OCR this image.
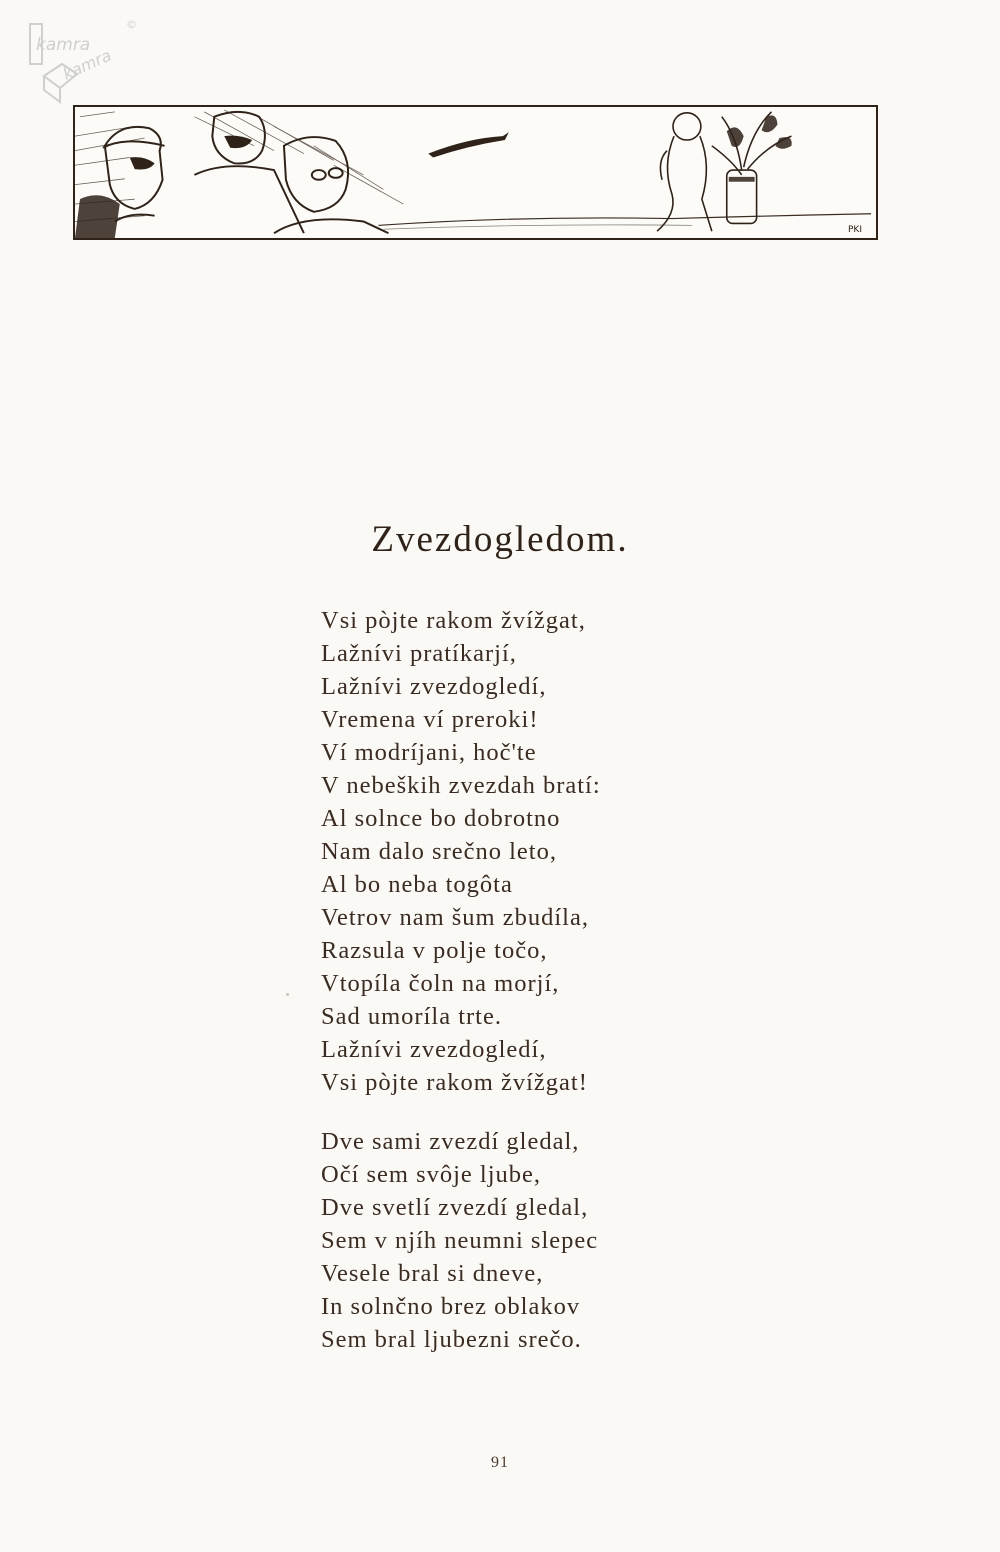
kamra
kamra
©
PKI
Zvezdogledom.
Vsi pòjte rakom žvížgat,
Lažnívi pratíkarjí,
Lažnívi zvezdogledí,
Vremena ví preroki!
Ví modríjani, hoč'te
V nebeških zvezdah bratí:
Al solnce bo dobrotno
Nam dalo srečno leto,
Al bo neba togôta
Vetrov nam šum zbudíla,
Razsula v polje točo,
Vtopíla čoln na morjí,
Sad umoríla trte.
Lažnívi zvezdogledí,
Vsi pòjte rakom žvížgat!
Dve sami zvezdí gledal,
Očí sem svôje ljube,
Dve svetlí zvezdí gledal,
Sem v njíh neumni slepec
Vesele bral si dneve,
In solnčno brez oblakov
Sem bral ljubezni srečo.
91
